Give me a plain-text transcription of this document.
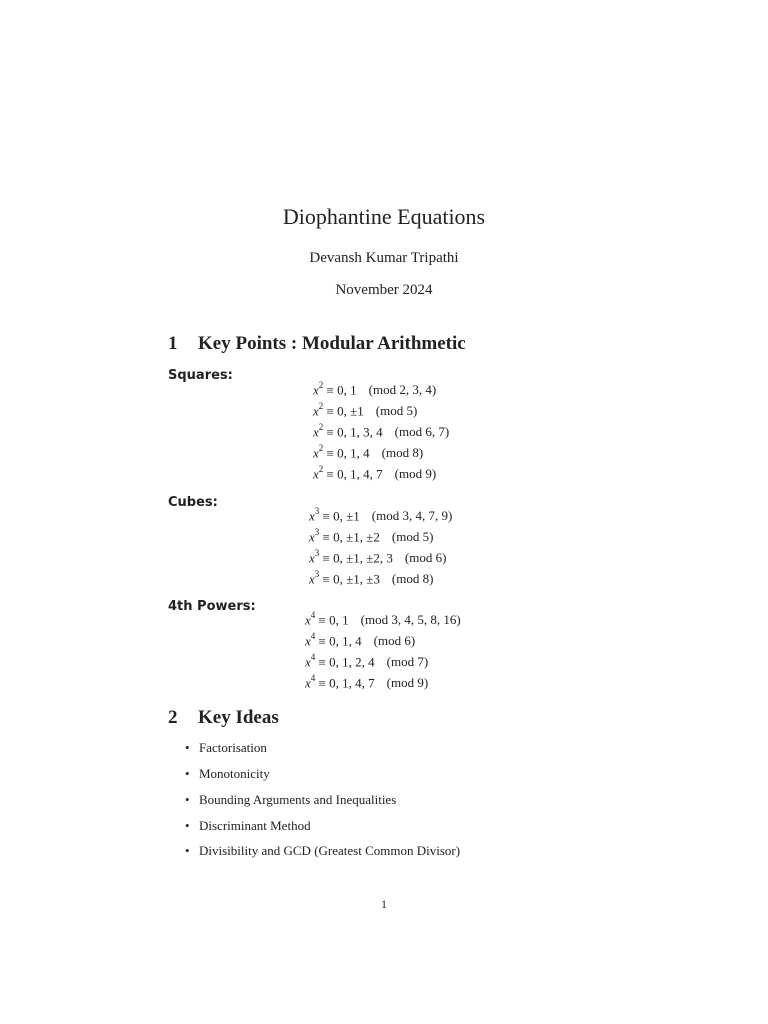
Diophantine Equations
Devansh Kumar Tripathi
November 2024
1 Key Points : Modular Arithmetic
Squares:
$x^2 \equiv 0$, 1 (mod 2, 3, 4)
$x^2 \equiv 0$, ±1 (mod 5)
$x^2 \equiv 0$, 1, 3, 4 (mod 6, 7)
$x^2 \equiv 0$, 1, 4 (mod 8)
$x^2 \equiv 0$, 1, 4, 7 (mod 9)
Cubes:
$x^3 \equiv 0$, ±1 (mod 3, 4, 7, 9)
$x^3 \equiv 0$, ±1, ±2 (mod 5)
$x^3 \equiv 0$, ±1, ±2, 3 (mod 6)
$x^3 \equiv 0$, ±1, ±3 (mod 8)
4th Powers:
$x^4 \equiv 0$, 1 (mod 3, 4, 5, 8, 16)
$x^4 \equiv 0$, 1, 4 (mod 6)
$x^4 \equiv 0$, 1, 2, 4 (mod 7)
$x^4 \equiv 0$, 1, 4, 7 (mod 9)
2 Key Ideas
• Factorisation
• Monotonicity
• Bounding Arguments and Inequalities
• Discriminant Method
• Divisibility and GCD (Greatest Common Divisor)
1
